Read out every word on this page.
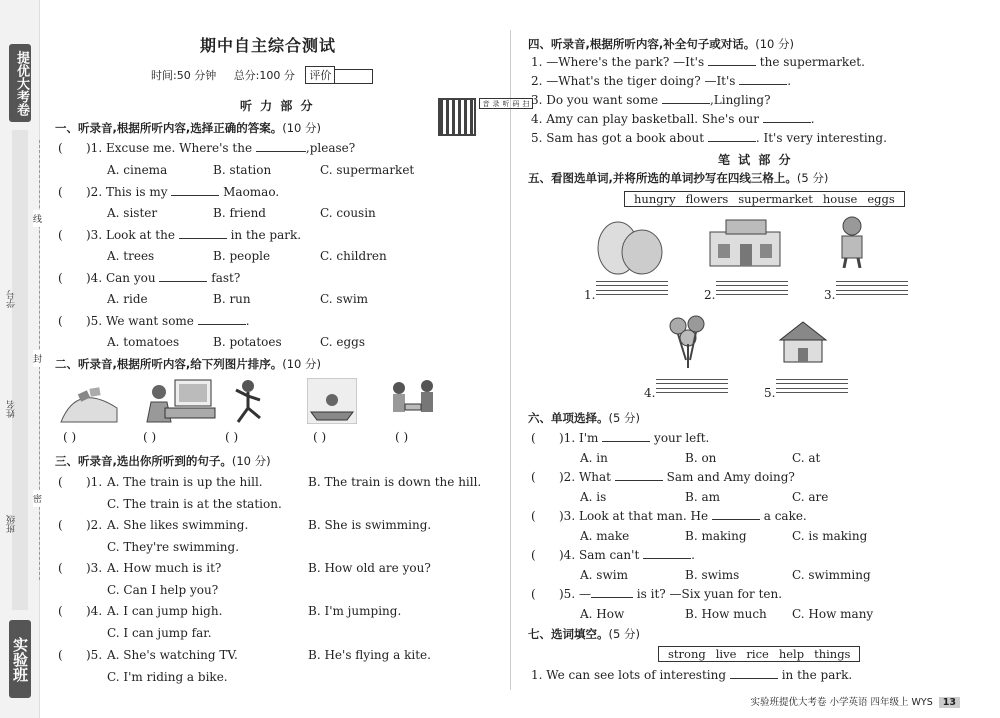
提优大考卷
学号
姓名
班级
实验班
线
封
密
期中自主综合测试
时间:50 分钟 总分:100 分 评价
听 力 部 分	扫码听录音
一、听录音,根据所听内容,选择正确的答案。(10 分)
( )1. Excuse me. Where's the	,please?
A. cinema	B. station	C. supermarket
( )2. This is my	Maomao.
A. sister	B. friend	C. cousin
( )3. Look at the	in the park.
A. trees	B. people	C. children
( )4. Can you	fast?
A. ride	B. run	C. swim
( )5. We want some	.
A. tomatoes	B. potatoes	C. eggs
二、听录音,根据所听内容,给下列图片排序。(10 分)
( )	( )	( )	( )	( )
三、听录音,选出你所听到的句子。(10 分)
( )1. A. The train is up the hill.	B. The train is down the hill.
C. The train is at the station.
( )2. A. She likes swimming.	B. She is swimming.
C. They're swimming.
( )3. A. How much is it?	B. How old are you?
C. Can I help you?
( )4. A. I can jump high.	B. I'm jumping.
C. I can jump far.
( )5. A. She's watching TV.	B. He's flying a kite.
C. I'm riding a bike.
四、听录音,根据所听内容,补全句子或对话。(10 分)
1. —Where's the park? —It's	the supermarket.
2. —What's the tiger doing? —It's	.
3. Do you want some	,Lingling?
4. Amy can play basketball. She's our	.
5. Sam has got a book about	. It's very interesting.
笔 试 部 分
五、看图选单词,并将所选的单词抄写在四线三格上。(5 分)
hungry flowers supermarket house eggs
1.	2.	3.
4.	5.
六、单项选择。(5 分)
( )1. I'm	your left.
A. in	B. on	C. at
( )2. What	Sam and Amy doing?
A. is	B. am	C. are
( )3. Look at that man. He	a cake.
A. make	B. making	C. is making
( )4. Sam can't	.
A. swim	B. swims	C. swimming
( )5. —	is it? —Six yuan for ten.
A. How	B. How much C. How many
七、选词填空。(5 分)
strong live rice help things
1. We can see lots of interesting	in the park.
实验班提优大考卷 小学英语 四年级上 WYS 13
